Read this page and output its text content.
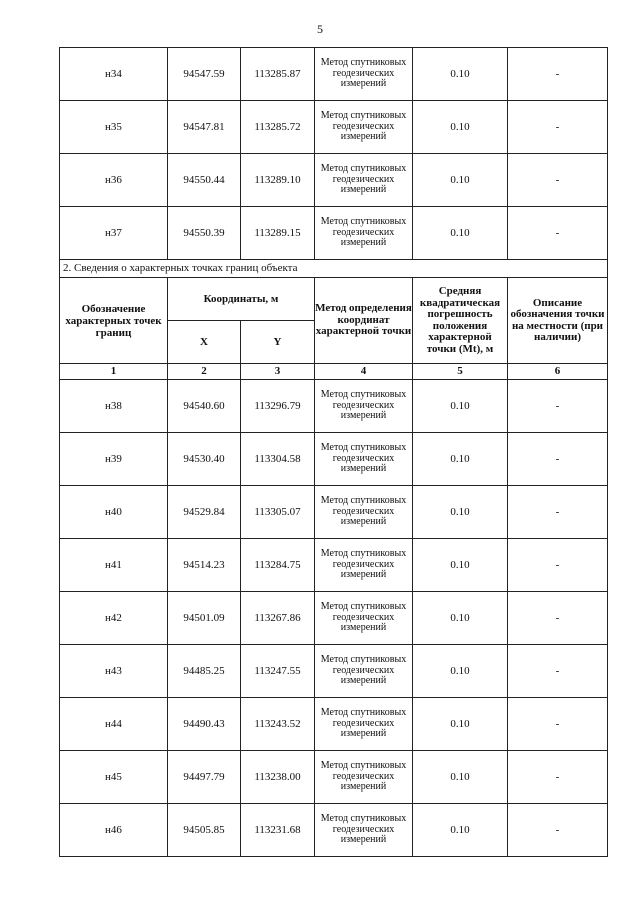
5
н34	94547.59	113285.87	Метод спутниковых геодезических измерений	0.10	-
н35	94547.81	113285.72	Метод спутниковых геодезических измерений	0.10	-
н36	94550.44	113289.10	Метод спутниковых геодезических измерений	0.10	-
н37	94550.39	113289.15	Метод спутниковых геодезических измерений	0.10	-
2. Сведения о характерных точках границ объекта					
Обозначение характерных точек границ	Координаты, м		Метод определения координат характерной точки	Средняя квадратическая погрешность положения характерной точки (Mt), м	Описание обозначения точки на местности (при наличии)
	X	Y			
1	2	3	4	5	6
н38	94540.60	113296.79	Метод спутниковых геодезических измерений	0.10	-
н39	94530.40	113304.58	Метод спутниковых геодезических измерений	0.10	-
н40	94529.84	113305.07	Метод спутниковых геодезических измерений	0.10	-
н41	94514.23	113284.75	Метод спутниковых геодезических измерений	0.10	-
н42	94501.09	113267.86	Метод спутниковых геодезических измерений	0.10	-
н43	94485.25	113247.55	Метод спутниковых геодезических измерений	0.10	-
н44	94490.43	113243.52	Метод спутниковых геодезических измерений	0.10	-
н45	94497.79	113238.00	Метод спутниковых геодезических измерений	0.10	-
н46	94505.85	113231.68	Метод спутниковых геодезических измерений	0.10	-
